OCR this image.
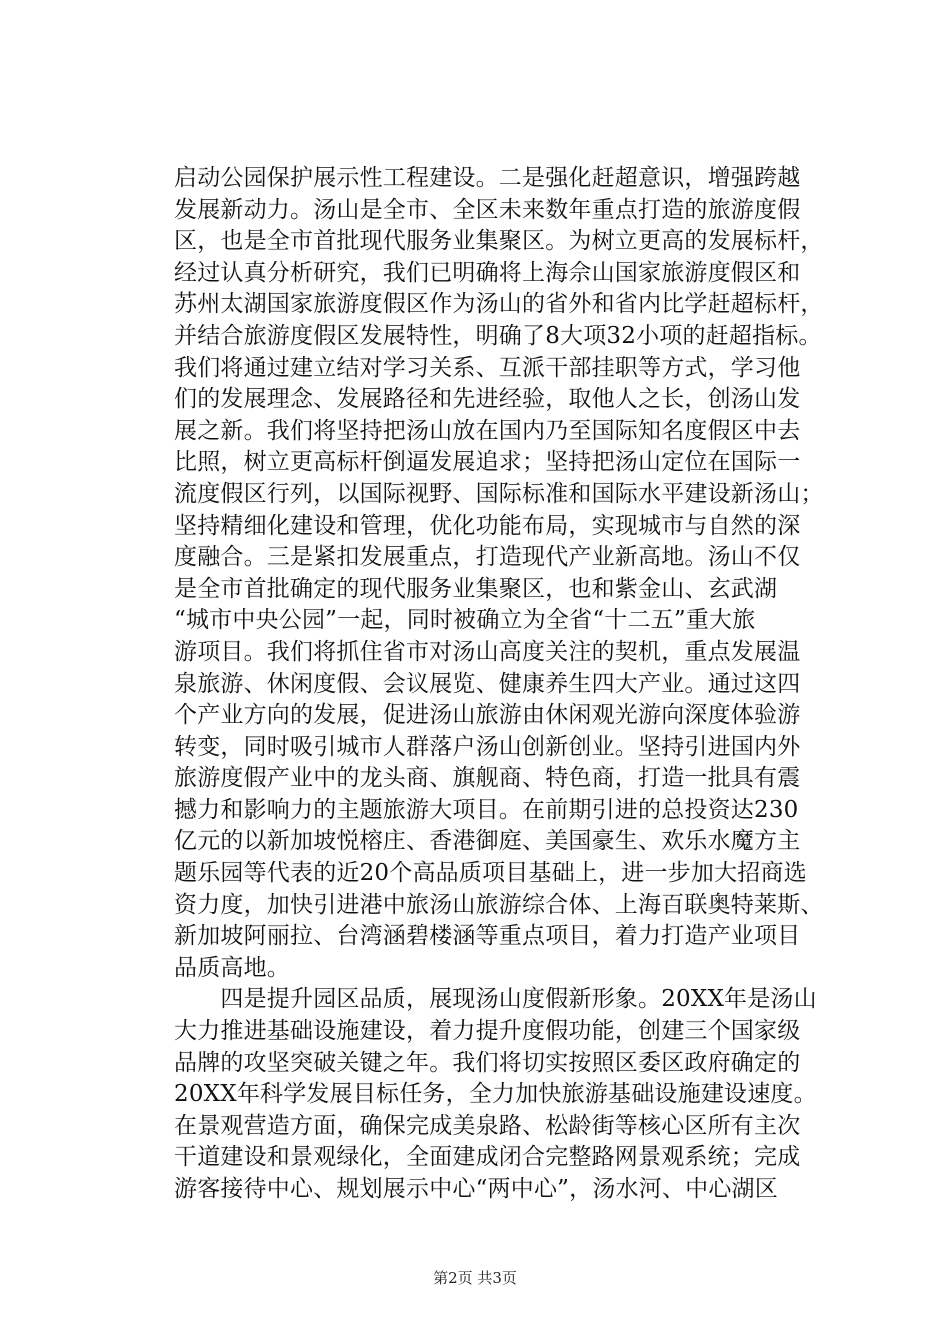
启动公园保护展示性工程建设。二是强化赶超意识，增强跨越
发展新动力。汤山是全市、全区未来数年重点打造的旅游度假
区，也是全市首批现代服务业集聚区。为树立更高的发展标杆，
经过认真分析研究，我们已明确将上海佘山国家旅游度假区和
苏州太湖国家旅游度假区作为汤山的省外和省内比学赶超标杆，
并结合旅游度假区发展特性，明确了8大项32小项的赶超指标。
我们将通过建立结对学习关系、互派干部挂职等方式，学习他
们的发展理念、发展路径和先进经验，取他人之长，创汤山发
展之新。我们将坚持把汤山放在国内乃至国际知名度假区中去
比照，树立更高标杆倒逼发展追求；坚持把汤山定位在国际一
流度假区行列，以国际视野、国际标准和国际水平建设新汤山；
坚持精细化建设和管理，优化功能布局，实现城市与自然的深
度融合。三是紧扣发展重点，打造现代产业新高地。汤山不仅
是全市首批确定的现代服务业集聚区，也和紫金山、玄武湖
“城市中央公园”一起，同时被确立为全省“十二五”重大旅
游项目。我们将抓住省市对汤山高度关注的契机，重点发展温
泉旅游、休闲度假、会议展览、健康养生四大产业。通过这四
个产业方向的发展，促进汤山旅游由休闲观光游向深度体验游
转变，同时吸引城市人群落户汤山创新创业。坚持引进国内外
旅游度假产业中的龙头商、旗舰商、特色商，打造一批具有震
撼力和影响力的主题旅游大项目。在前期引进的总投资达230
亿元的以新加坡悦榕庄、香港御庭、美国豪生、欢乐水魔方主
题乐园等代表的近20个高品质项目基础上，进一步加大招商选
资力度，加快引进港中旅汤山旅游综合体、上海百联奥特莱斯、
新加坡阿丽拉、台湾涵碧楼涵等重点项目，着力打造产业项目
品质高地。
　　四是提升园区品质，展现汤山度假新形象。20XX年是汤山
大力推进基础设施建设，着力提升度假功能，创建三个国家级
品牌的攻坚突破关键之年。我们将切实按照区委区政府确定的
20XX年科学发展目标任务，全力加快旅游基础设施建设速度。
在景观营造方面，确保完成美泉路、松龄街等核心区所有主次
干道建设和景观绿化，全面建成闭合完整路网景观系统；完成
游客接待中心、规划展示中心“两中心”，汤水河、中心湖区
第2页 共3页
